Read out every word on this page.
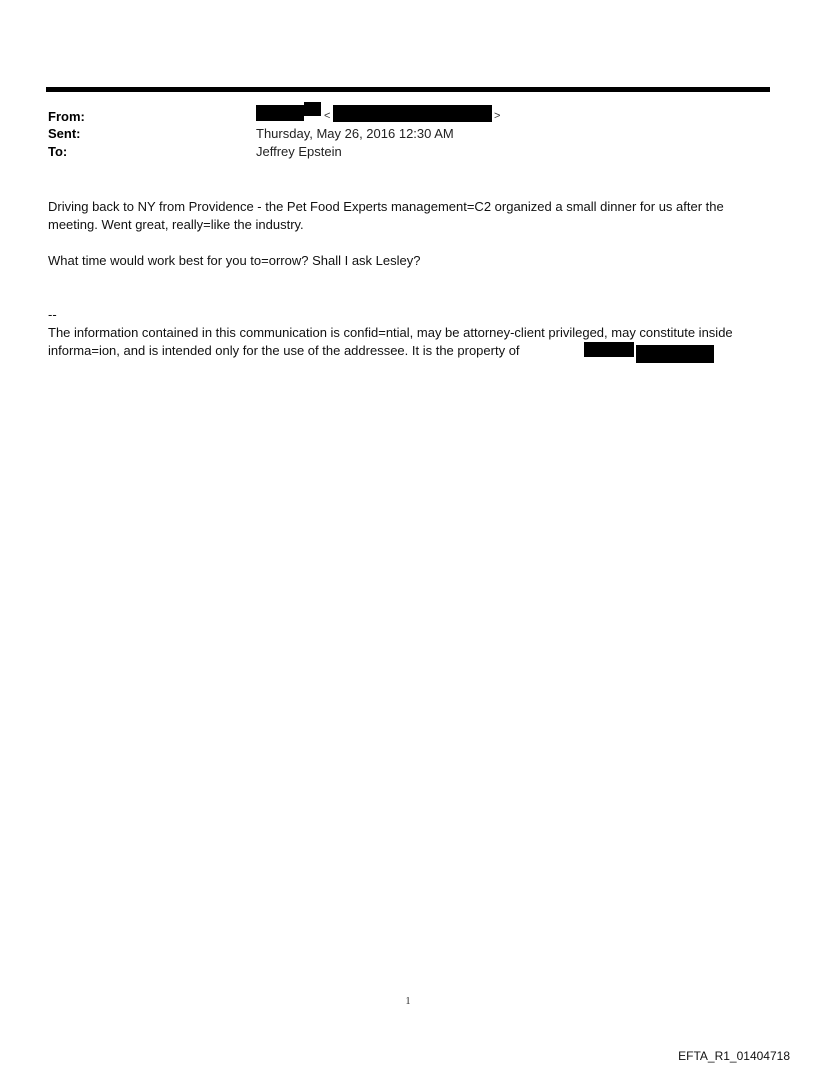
From:	<	>
Sent:	Thursday, May 26, 2016 12:30 AM
To:	Jeffrey Epstein

Driving back to NY from Providence - the Pet Food Experts management=C2 organized a small dinner for us after the meeting. Went great, really=like the industry.

What time would work best for you to=orrow? Shall I ask Lesley?

--

The information contained in this communication is confid=ntial, may be attorney-client privileged, may constitute inside informa=ion, and is intended only for the use of the addressee. It is the property of

1
EFTA_R1_01404718
